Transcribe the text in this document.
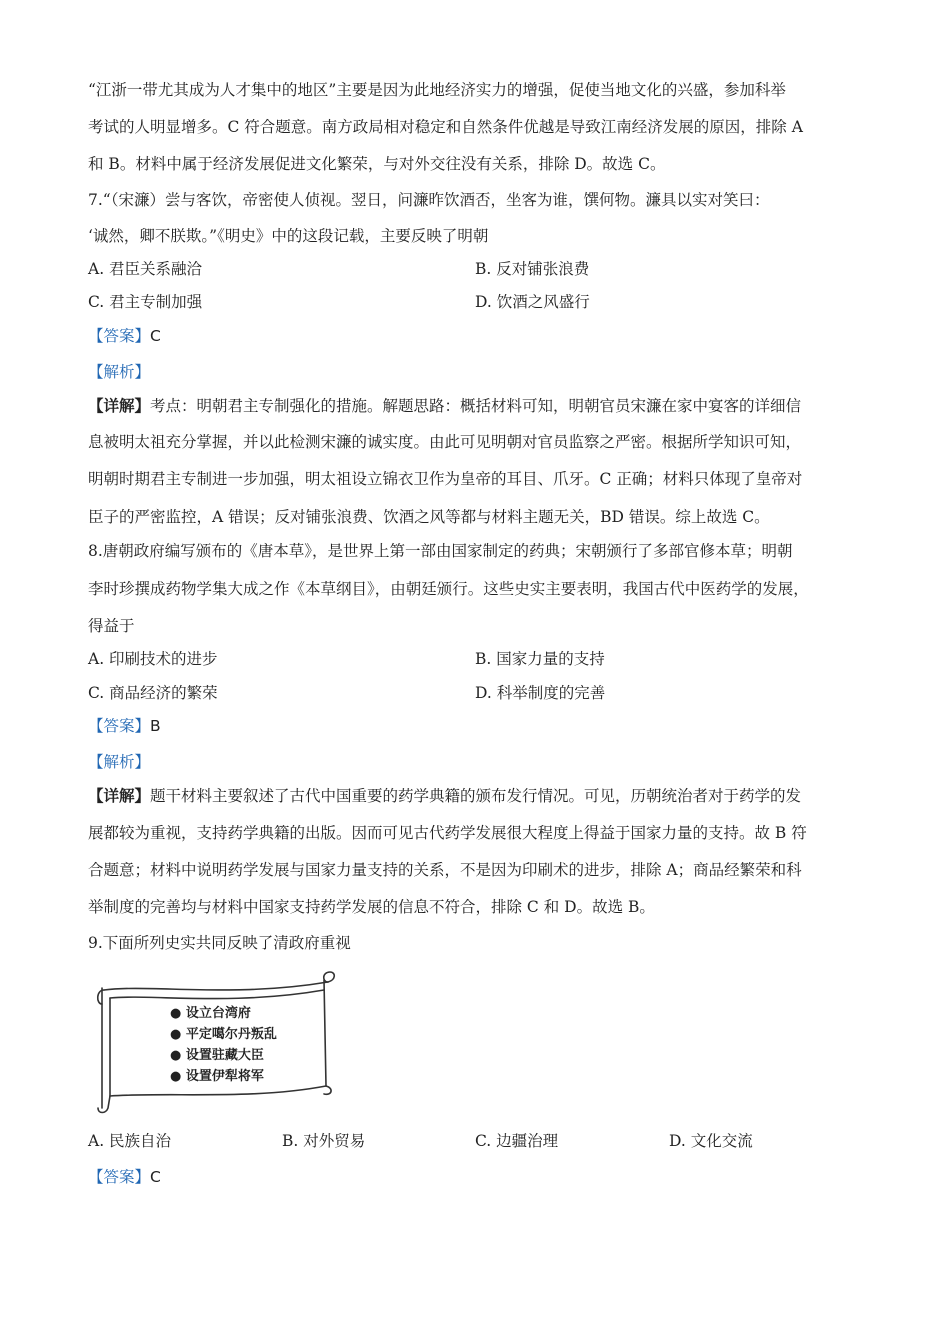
“江浙一带尤其成为人才集中的地区”主要是因为此地经济实力的增强，促使当地文化的兴盛，参加科举
考试的人明显增多。C 符合题意。南方政局相对稳定和自然条件优越是导致江南经济发展的原因，排除 A
和 B。材料中属于经济发展促进文化繁荣，与对外交往没有关系，排除 D。故选 C。
7.“（宋濂）尝与客饮，帝密使人侦视。翌日，问濂昨饮酒否，坐客为谁，馔何物。濂具以实对笑曰：
‘诚然，卿不朕欺。”《明史》中的这段记载，主要反映了明朝
A. 君臣关系融洽	B. 反对铺张浪费
C. 君主专制加强	D. 饮酒之风盛行
【答案】C
【解析】
【详解】考点：明朝君主专制强化的措施。解题思路：概括材料可知，明朝官员宋濂在家中宴客的详细信
息被明太祖充分掌握，并以此检测宋濂的诚实度。由此可见明朝对官员监察之严密。根据所学知识可知，
明朝时期君主专制进一步加强，明太祖设立锦衣卫作为皇帝的耳目、爪牙。C 正确；材料只体现了皇帝对
臣子的严密监控，A 错误；反对铺张浪费、饮酒之风等都与材料主题无关，BD 错误。综上故选 C。
8.唐朝政府编写颁布的《唐本草》，是世界上第一部由国家制定的药典；宋朝颁行了多部官修本草；明朝
李时珍撰成药物学集大成之作《本草纲目》，由朝廷颁行。这些史实主要表明，我国古代中医药学的发展，
得益于
A. 印刷技术的进步	B. 国家力量的支持
C. 商品经济的繁荣	D. 科举制度的完善
【答案】B
【解析】
【详解】题干材料主要叙述了古代中国重要的药学典籍的颁布发行情况。可见，历朝统治者对于药学的发
展都较为重视，支持药学典籍的出版。因而可见古代药学发展很大程度上得益于国家力量的支持。故 B 符
合题意；材料中说明药学发展与国家力量支持的关系，不是因为印刷术的进步，排除 A；商品经繁荣和科
举制度的完善均与材料中国家支持药学发展的信息不符合，排除 C 和 D。故选 B。
9.下面所列史实共同反映了清政府重视
● 设立台湾府
● 平定噶尔丹叛乱
● 设置驻藏大臣
● 设置伊犁将军
A. 民族自治	B. 对外贸易	C. 边疆治理	D. 文化交流
【答案】C
